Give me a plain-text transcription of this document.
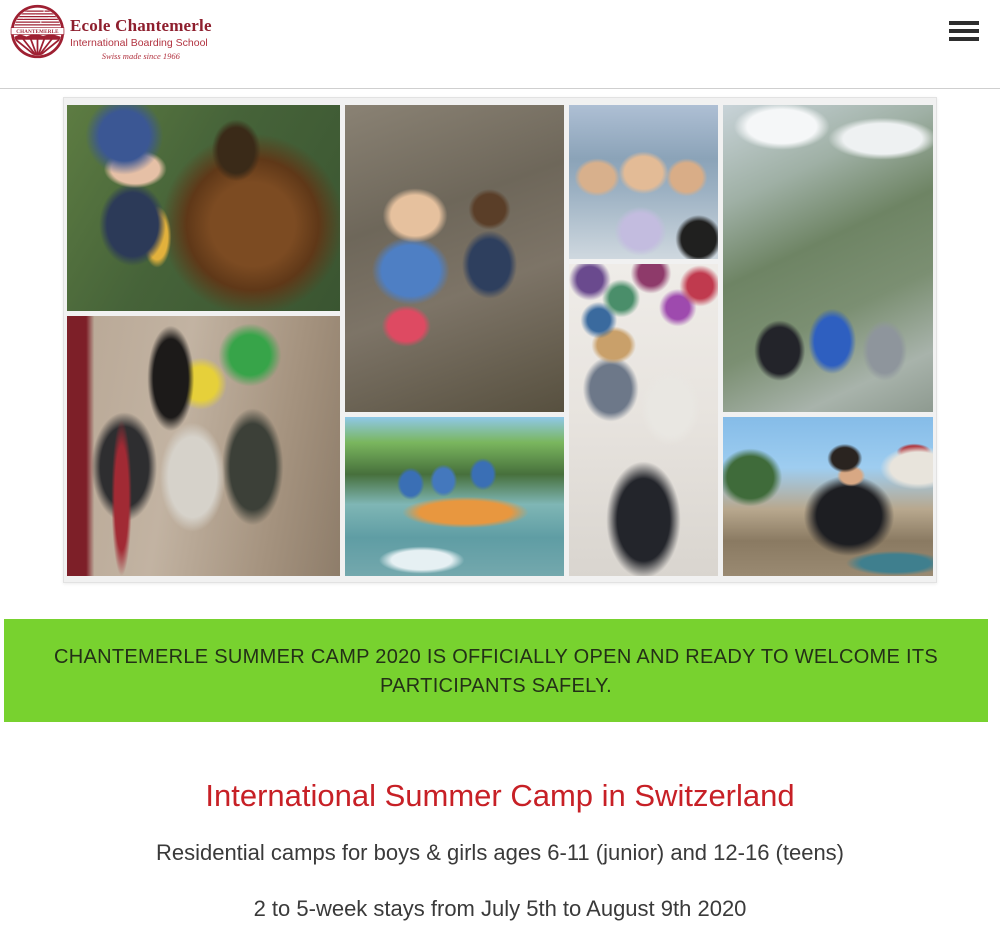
CHANTEMERLE Ecole Chantemerle
International Boarding School
Swiss made since 1966
CHANTEMERLE SUMMER CAMP 2020 IS OFFICIALLY OPEN AND READY TO WELCOME ITS PARTICIPANTS SAFELY.
International Summer Camp in Switzerland

Residential camps for boys & girls ages 6-11 (junior) and 12-16 (teens)

2 to 5-week stays from July 5th to August 9th 2020
